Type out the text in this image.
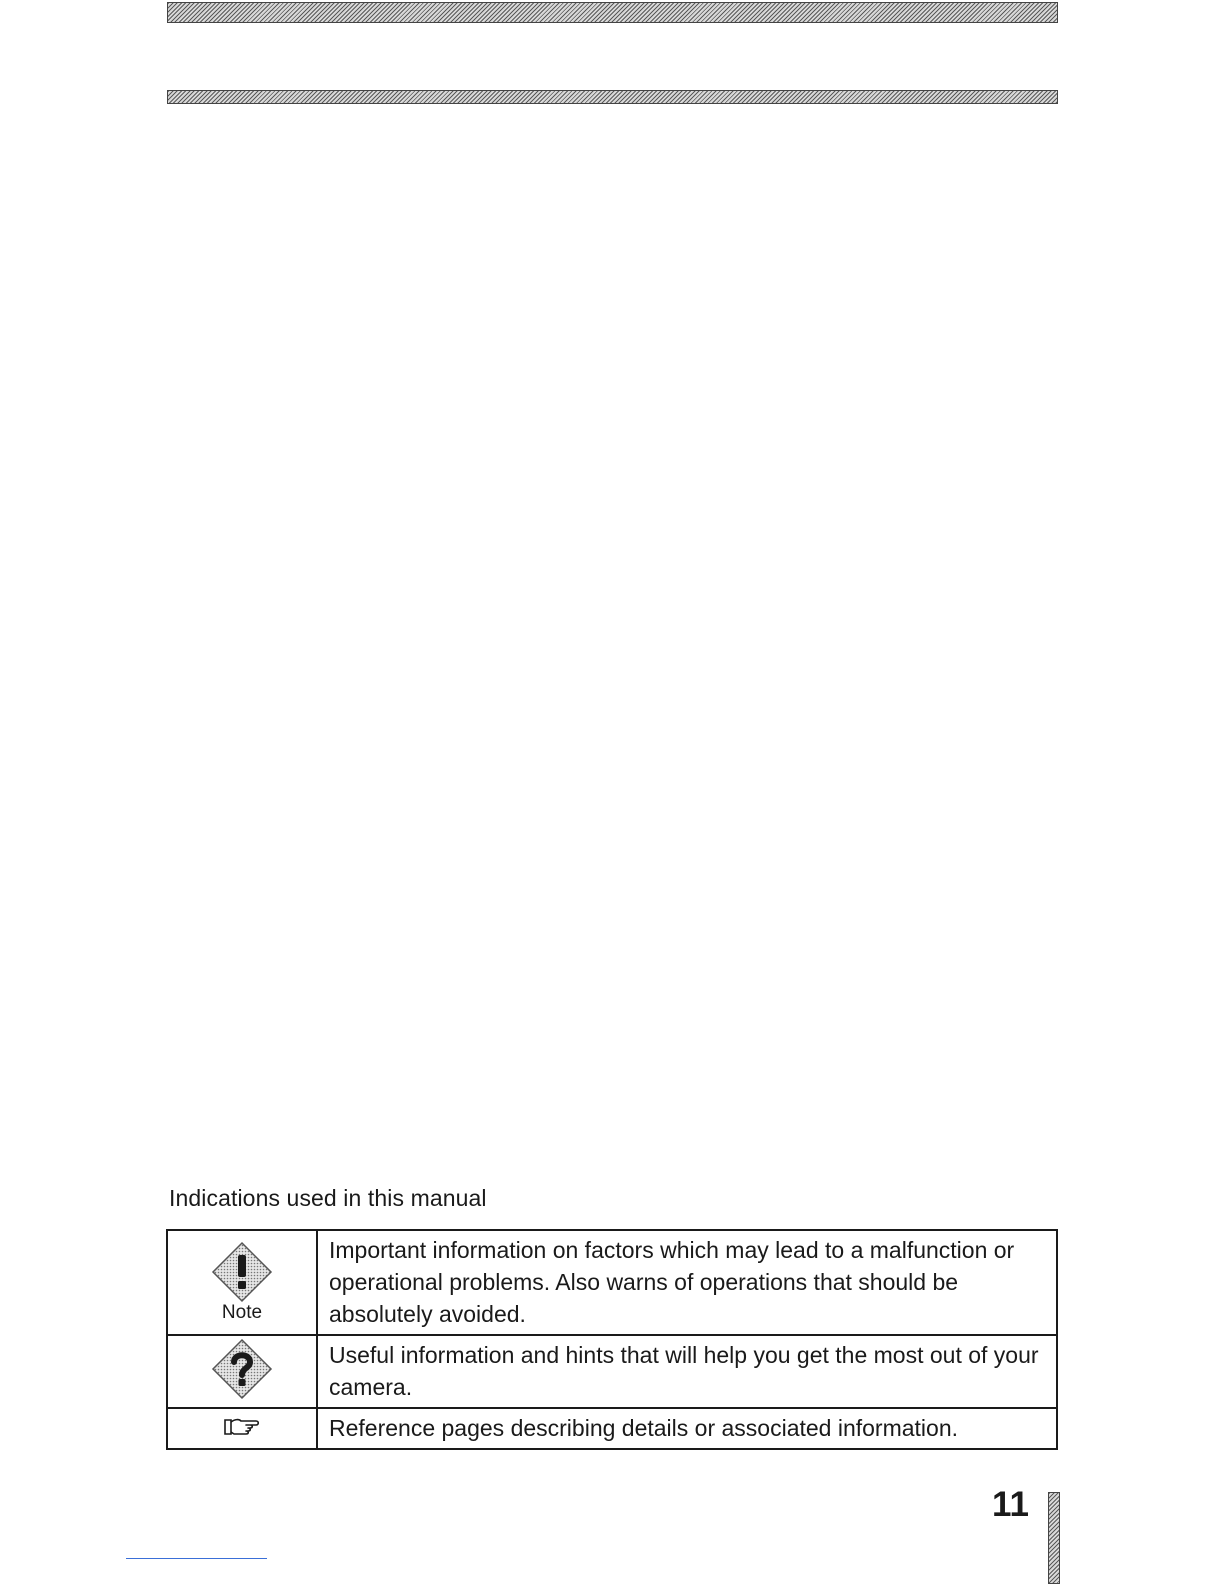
Indications used in this manual
Note	Important information on factors which may lead to a malfunction or operational problems. Also warns of operations that should be absolutely avoided.
	Useful information and hints that will help you get the most out of your camera.
	Reference pages describing details or associated information.
11
